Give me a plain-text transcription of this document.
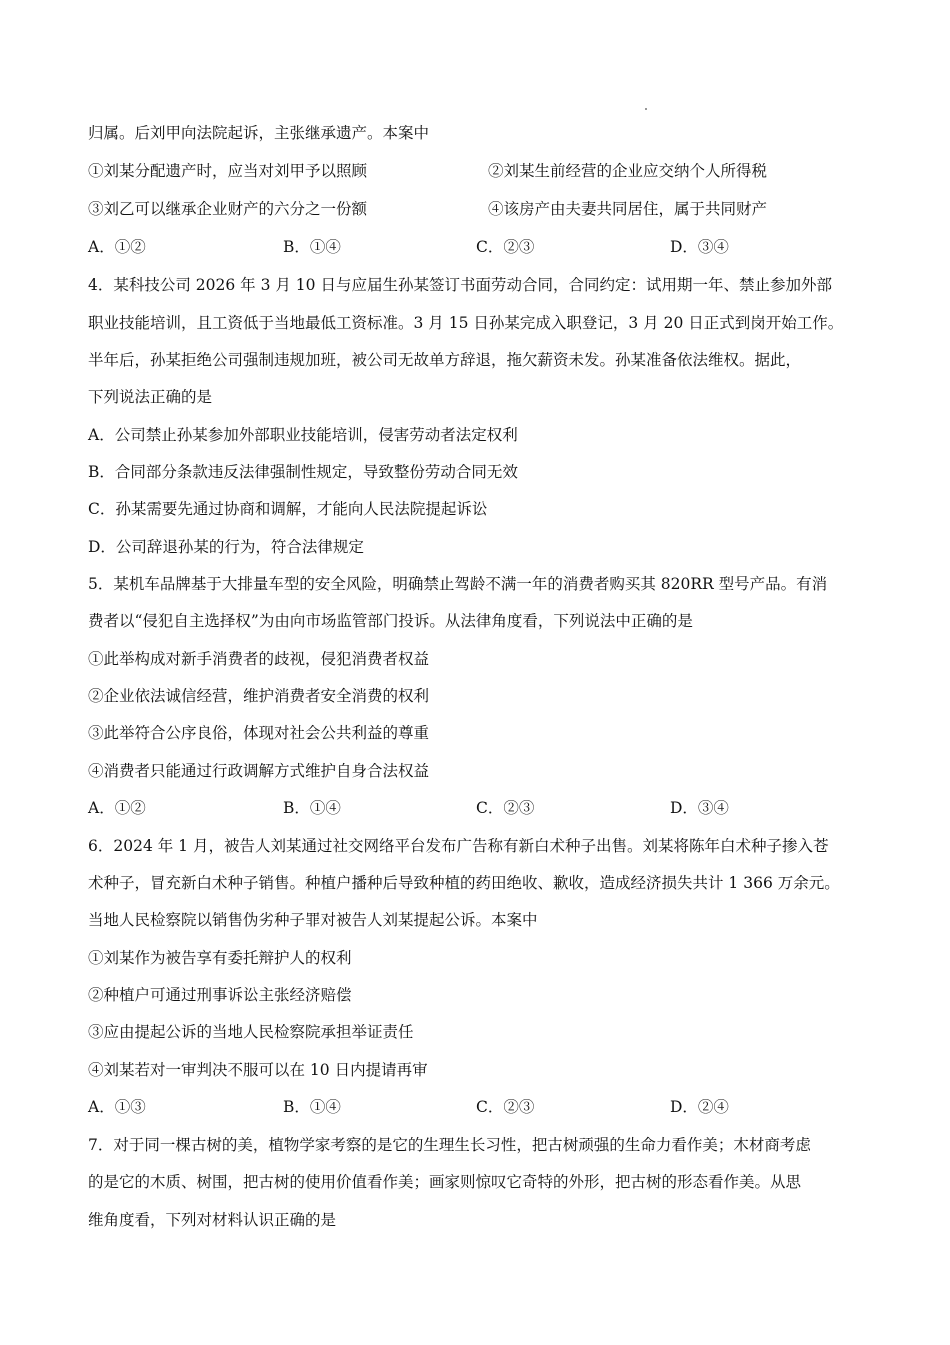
归属。后刘甲向法院起诉，主张继承遗产。本案中
①刘某分配遗产时，应当对刘甲予以照顾	②刘某生前经营的企业应交纳个人所得税
③刘乙可以继承企业财产的六分之一份额	④该房产由夫妻共同居住，属于共同财产
A．①②	B．①④	C．②③	D．③④
4．某科技公司 2026 年 3 月 10 日与应届生孙某签订书面劳动合同，合同约定：试用期一年、禁止参加外部
职业技能培训，且工资低于当地最低工资标准。3 月 15 日孙某完成入职登记，3 月 20 日正式到岗开始工作。
半年后，孙某拒绝公司强制违规加班，被公司无故单方辞退，拖欠薪资未发。孙某准备依法维权。据此，
下列说法正确的是
A．公司禁止孙某参加外部职业技能培训，侵害劳动者法定权利
B．合同部分条款违反法律强制性规定，导致整份劳动合同无效
C．孙某需要先通过协商和调解，才能向人民法院提起诉讼
D．公司辞退孙某的行为，符合法律规定
5．某机车品牌基于大排量车型的安全风险，明确禁止驾龄不满一年的消费者购买其 820RR 型号产品。有消
费者以“侵犯自主选择权”为由向市场监管部门投诉。从法律角度看，下列说法中正确的是
①此举构成对新手消费者的歧视，侵犯消费者权益
②企业依法诚信经营，维护消费者安全消费的权利
③此举符合公序良俗，体现对社会公共利益的尊重
④消费者只能通过行政调解方式维护自身合法权益
A．①②	B．①④	C．②③	D．③④
6．2024 年 1 月，被告人刘某通过社交网络平台发布广告称有新白术种子出售。刘某将陈年白术种子掺入苍
术种子，冒充新白术种子销售。种植户播种后导致种植的药田绝收、歉收，造成经济损失共计 1 366 万余元。
当地人民检察院以销售伪劣种子罪对被告人刘某提起公诉。本案中
①刘某作为被告享有委托辩护人的权利
②种植户可通过刑事诉讼主张经济赔偿
③应由提起公诉的当地人民检察院承担举证责任
④刘某若对一审判决不服可以在 10 日内提请再审
A．①③	B．①④	C．②③	D．②④
7．对于同一棵古树的美，植物学家考察的是它的生理生长习性，把古树顽强的生命力看作美；木材商考虑
的是它的木质、树围，把古树的使用价值看作美；画家则惊叹它奇特的外形，把古树的形态看作美。从思
维角度看，下列对材料认识正确的是
